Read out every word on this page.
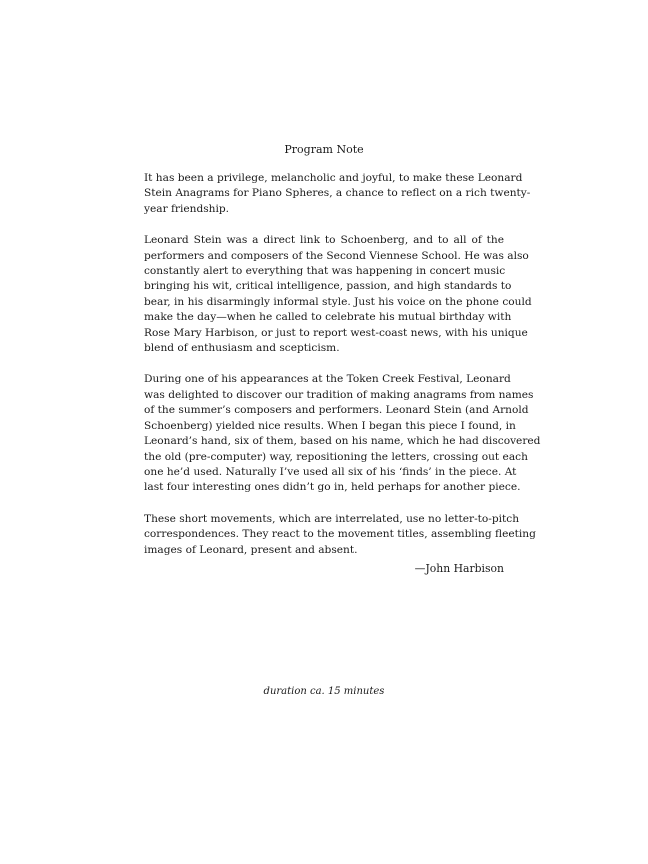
Program Note

It has been a privilege, melancholic and joyful, to make these Leonard
Stein Anagrams for Piano Spheres, a chance to reflect on a rich twenty-
year friendship.

Leonard Stein was a direct link to Schoenberg, and to all of the
performers and composers of the Second Viennese School. He was also
constantly alert to everything that was happening in concert music
bringing his wit, critical intelligence, passion, and high standards to
bear, in his disarmingly informal style. Just his voice on the phone could
make the day—when he called to celebrate his mutual birthday with
Rose Mary Harbison, or just to report west-coast news, with his unique
blend of enthusiasm and scepticism.

During one of his appearances at the Token Creek Festival, Leonard
was delighted to discover our tradition of making anagrams from names
of the summer’s composers and performers. Leonard Stein (and Arnold
Schoenberg) yielded nice results. When I began this piece I found, in
Leonard’s hand, six of them, based on his name, which he had discovered
the old (pre-computer) way, repositioning the letters, crossing out each
one he’d used. Naturally I’ve used all six of his ‘finds’ in the piece. At
last four interesting ones didn’t go in, held perhaps for another piece.

These short movements, which are interrelated, use no letter-to-pitch
correspondences. They react to the movement titles, assembling fleeting
images of Leonard, present and absent.

—John Harbison
duration ca. 15 minutes
